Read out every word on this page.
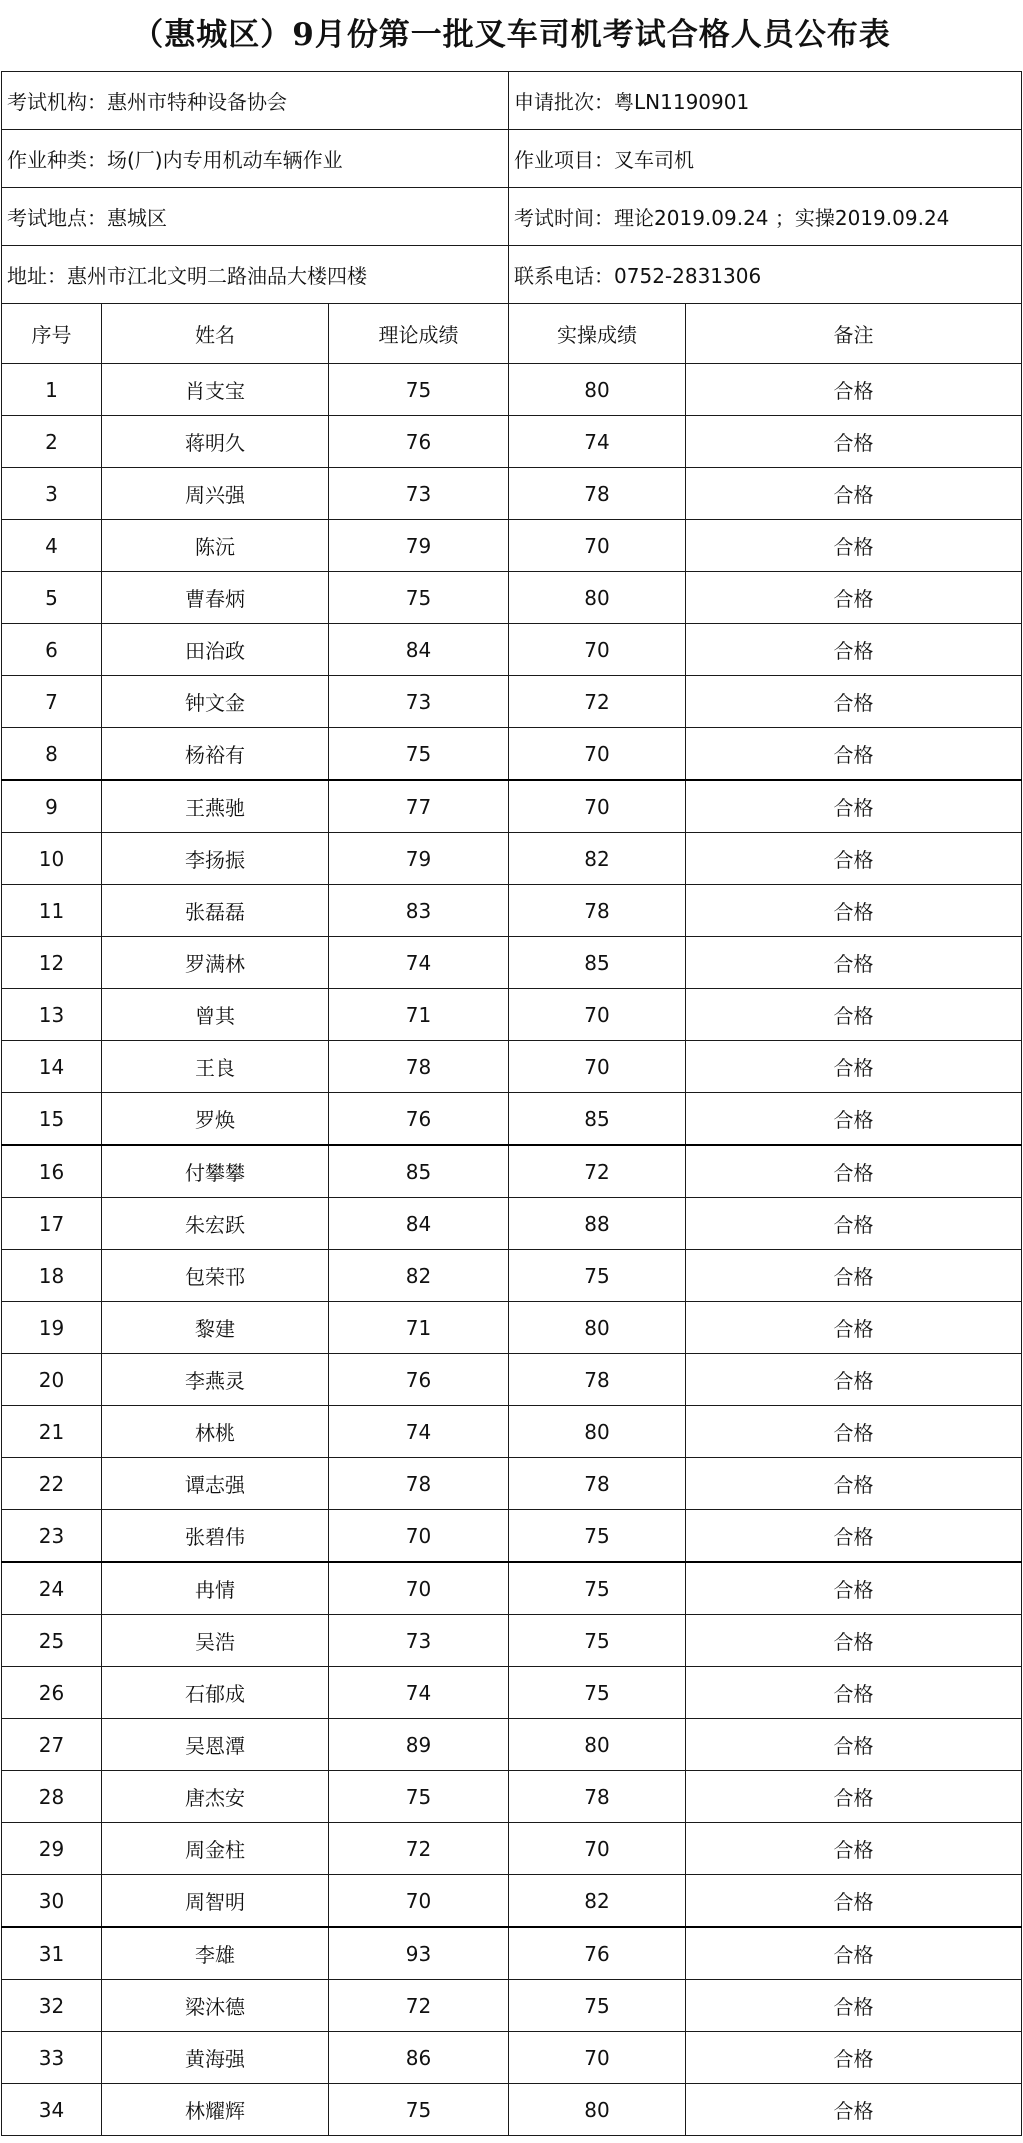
（惠城区）9月份第一批叉车司机考试合格人员公布表
考试机构：惠州市特种设备协会			申请批次：粤LN1190901	
作业种类：场(厂)内专用机动车辆作业			作业项目：叉车司机	
考试地点：惠城区			考试时间：理论2019.09.24 ；实操2019.09.24	
地址：惠州市江北文明二路油品大楼四楼			联系电话：0752-2831306	
序号	姓名	理论成绩	实操成绩	备注
1	肖支宝	75	80	合格
2	蒋明久	76	74	合格
3	周兴强	73	78	合格
4	陈沅	79	70	合格
5	曹春炳	75	80	合格
6	田治政	84	70	合格
7	钟文金	73	72	合格
8	杨裕有	75	70	合格
9	王燕驰	77	70	合格
10	李扬振	79	82	合格
11	张磊磊	83	78	合格
12	罗满林	74	85	合格
13	曾其	71	70	合格
14	王良	78	70	合格
15	罗焕	76	85	合格
16	付攀攀	85	72	合格
17	朱宏跃	84	88	合格
18	包荣邗	82	75	合格
19	黎建	71	80	合格
20	李燕灵	76	78	合格
21	林桃	74	80	合格
22	谭志强	78	78	合格
23	张碧伟	70	75	合格
24	冉情	70	75	合格
25	吴浩	73	75	合格
26	石郁成	74	75	合格
27	吴恩潭	89	80	合格
28	唐杰安	75	78	合格
29	周金柱	72	70	合格
30	周智明	70	82	合格
31	李雄	93	76	合格
32	梁沐德	72	75	合格
33	黄海强	86	70	合格
34	林耀辉	75	80	合格
